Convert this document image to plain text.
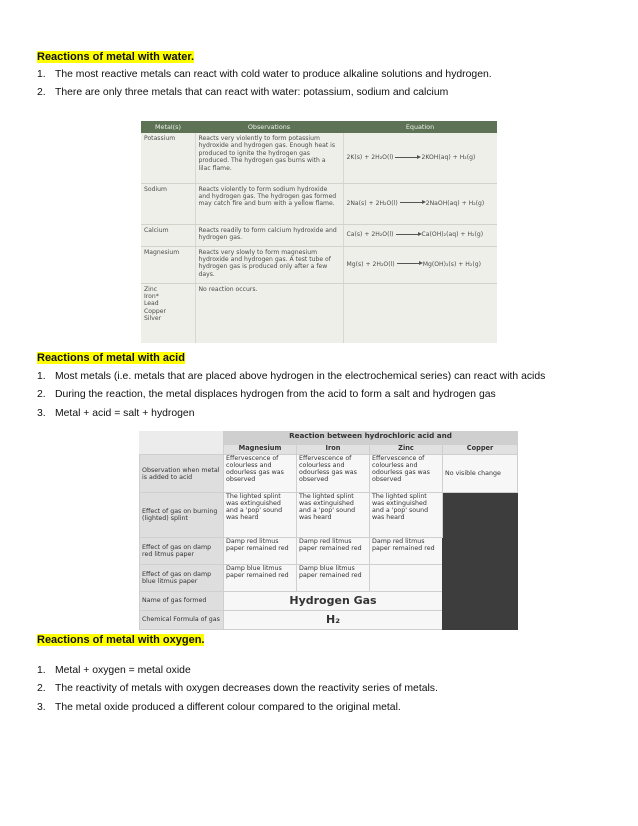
Reactions of metal with water.
1. The most reactive metals can react with cold water to produce alkaline solutions and hydrogen.
2. There are only three metals that can react with water: potassium, sodium and calcium
Metal(s)	Observations	Equation
Potassium	Reacts very violently to form potassium hydroxide and hydrogen gas. Enough heat is produced to ignite the hydrogen gas produced. The hydrogen gas burns with a lilac flame.	2K(s) + 2H₂O(l) 2KOH(aq) + H₂(g)
Sodium	Reacts violently to form sodium hydroxide and hydrogen gas. The hydrogen gas formed may catch fire and burn with a yellow flame.	2Na(s) + 2H₂O(l) 2NaOH(aq) + H₂(g)
Calcium	Reacts readily to form calcium hydroxide and hydrogen gas.	Ca(s) + 2H₂O(l) Ca(OH)₂(aq) + H₂(g)
Magnesium	Reacts very slowly to form magnesium hydroxide and hydrogen gas. A test tube of hydrogen gas is produced only after a few days.	Mg(s) + 2H₂O(l) Mg(OH)₂(s) + H₂(g)

Zinc
Iron*
Lead
Copper
Silver	No reaction occurs.	
Reactions of metal with acid
1. Most metals (i.e. metals that are placed above hydrogen in the electrochemical series) can react with acids
2. During the reaction, the metal displaces hydrogen from the acid to form a salt and hydrogen gas
3. Metal + acid = salt + hydrogen
	Reaction between hydrochloric acid and			
	Magnesium	Iron	Zinc	Copper
Observation when metal is added to acid	Effervescence of colourless and odourless gas was observed	Effervescence of colourless and odourless gas was observed	Effervescence of colourless and odourless gas was observed	No visible change
Effect of gas on burning (lighted) splint	The lighted splint was extinguished and a 'pop' sound was heard	The lighted splint was extinguished and a 'pop' sound was heard	The lighted splint was extinguished and a 'pop' sound was heard	
Effect of gas on damp red litmus paper	Damp red litmus paper remained red	Damp red litmus paper remained red	Damp red litmus paper remained red	
Effect of gas on damp blue litmus paper	Damp blue litmus paper remained red	Damp blue litmus paper remained red		
Name of gas formed	Hydrogen Gas			
Chemical Formula of gas	H₂			
Reactions of metal with oxygen.
1. Metal + oxygen = metal oxide
2. The reactivity of metals with oxygen decreases down the reactivity series of metals.
3. The metal oxide produced a different colour compared to the original metal.
